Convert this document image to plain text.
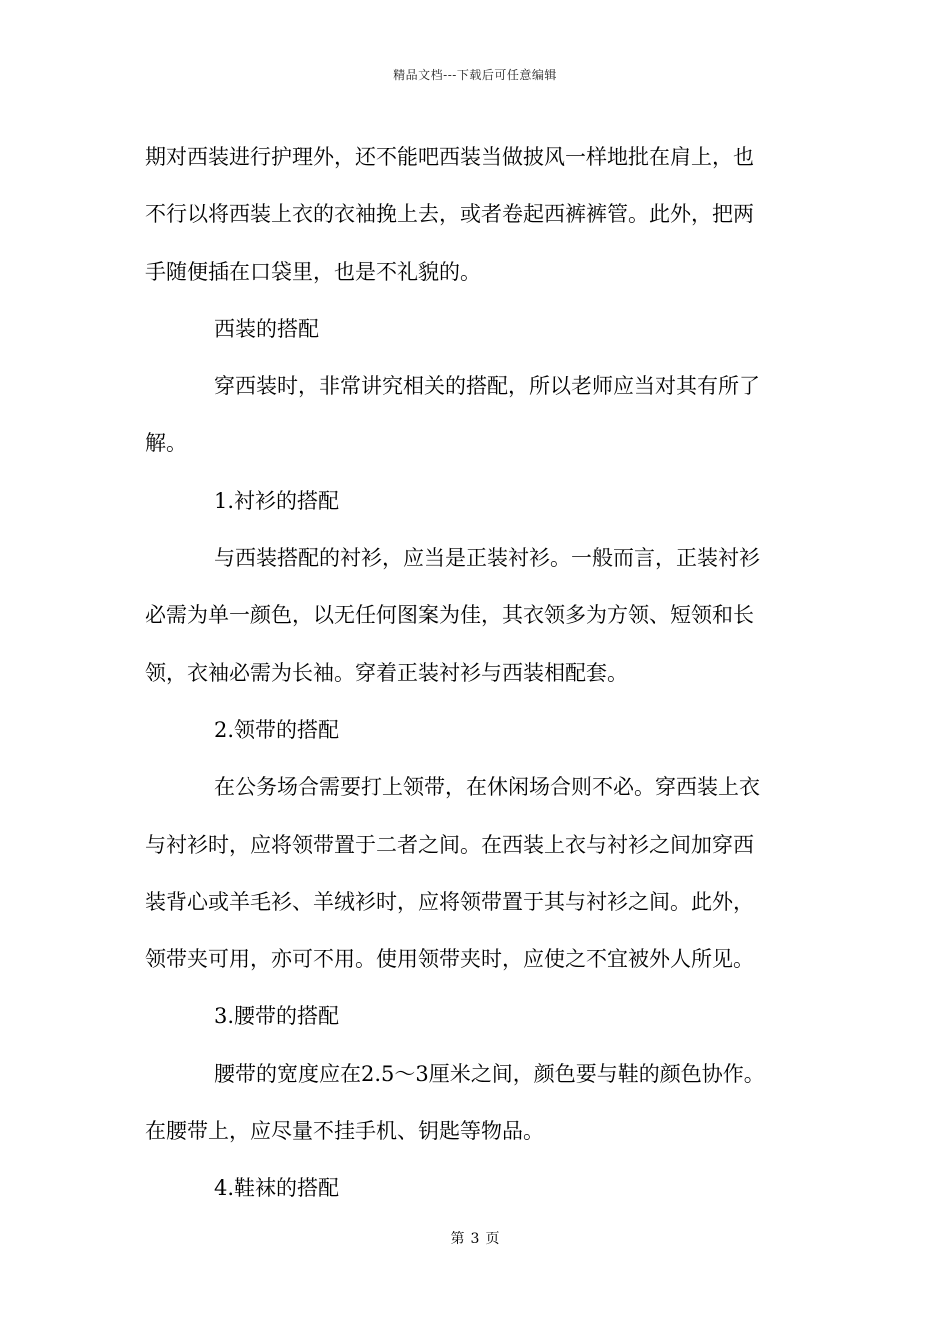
精品文档---下载后可任意编辑

期对西装进行护理外，还不能吧西装当做披风一样地批在肩上，也

不行以将西装上衣的衣袖挽上去，或者卷起西裤裤管。此外，把两

手随便插在口袋里，也是不礼貌的。

西装的搭配

穿西装时，非常讲究相关的搭配，所以老师应当对其有所了

解。

1.衬衫的搭配

与西装搭配的衬衫，应当是正装衬衫。一般而言，正装衬衫

必需为单一颜色，以无任何图案为佳，其衣领多为方领、短领和长

领，衣袖必需为长袖。穿着正装衬衫与西装相配套。

2.领带的搭配

在公务场合需要打上领带，在休闲场合则不必。穿西装上衣

与衬衫时，应将领带置于二者之间。在西装上衣与衬衫之间加穿西

装背心或羊毛衫、羊绒衫时，应将领带置于其与衬衫之间。此外，

领带夹可用，亦可不用。使用领带夹时，应使之不宜被外人所见。

3.腰带的搭配

腰带的宽度应在2.5～3厘米之间，颜色要与鞋的颜色协作。

在腰带上，应尽量不挂手机、钥匙等物品。

4.鞋袜的搭配

第 3 页
